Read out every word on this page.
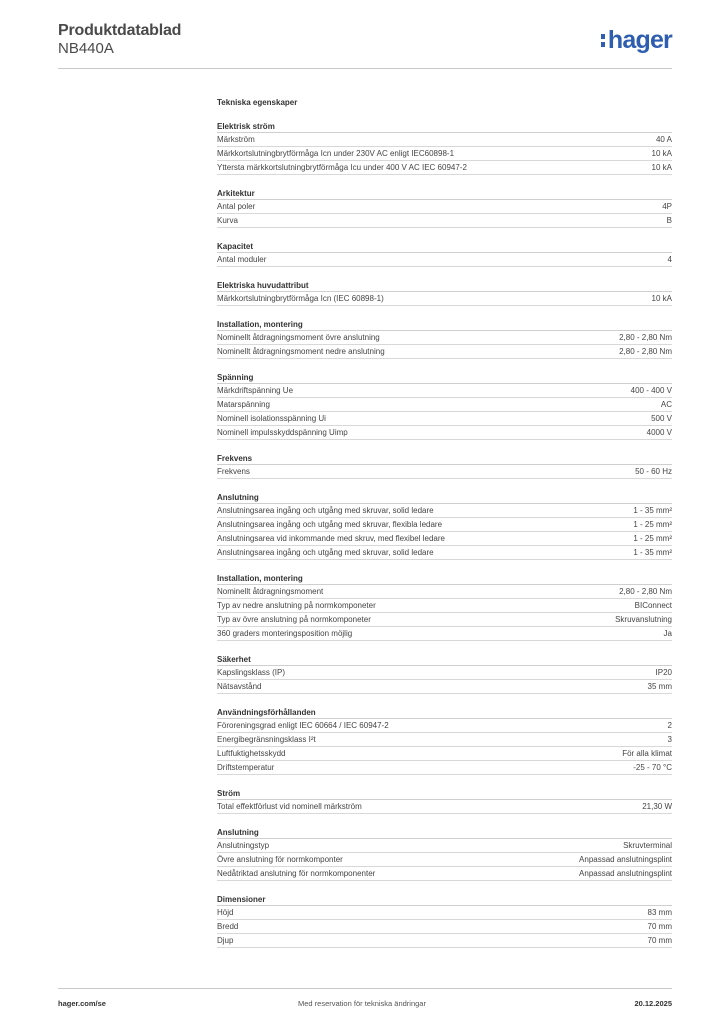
Produktdatablad
NB440A	hager
Tekniska egenskaper
Elektrisk ström
Märkström	40 A
Märkkortslutningbrytförmåga Icn under 230V AC enligt IEC60898-1	10 kA
Yttersta märkkortslutningbrytförmåga Icu under 400 V AC IEC 60947-2	10 kA
Arkitektur
Antal poler	4P
Kurva	B
Kapacitet
Antal moduler	4
Elektriska huvudattribut
Märkkortslutningbrytförmåga Icn (IEC 60898-1)	10 kA
Installation, montering
Nominellt åtdragningsmoment övre anslutning	2,80 - 2,80 Nm
Nominellt åtdragningsmoment nedre anslutning	2,80 - 2,80 Nm
Spänning
Märkdriftspänning Ue	400 - 400 V
Matarspänning	AC
Nominell isolationsspänning Ui	500 V
Nominell impulsskyddspänning Uimp	4000 V
Frekvens
Frekvens	50 - 60 Hz
Anslutning
Anslutningsarea ingång och utgång med skruvar, solid ledare	1 - 35 mm²
Anslutningsarea ingång och utgång med skruvar, flexibla ledare	1 - 25 mm²
Anslutningsarea vid inkommande med skruv, med flexibel ledare	1 - 25 mm²
Anslutningsarea ingång och utgång med skruvar, solid ledare	1 - 35 mm²
Installation, montering
Nominellt åtdragningsmoment	2,80 - 2,80 Nm
Typ av nedre anslutning på normkomponeter	BIConnect
Typ av övre anslutning på normkomponeter	Skruvanslutning
360 graders monteringsposition möjlig	Ja
Säkerhet
Kapslingsklass (IP)	IP20
Nätsavstånd	35 mm
Användningsförhållanden
Föroreningsgrad enligt IEC 60664 / IEC 60947-2	2
Energibegränsningsklass I²t	3
Luftfuktighetsskydd	För alla klimat
Driftstemperatur	-25 - 70 °C
Ström
Total effektförlust vid nominell märkström	21,30 W
Anslutning
Anslutningstyp	Skruvterminal
Övre anslutning för normkomponter	Anpassad anslutningsplint
Nedåtriktad anslutning för normkomponenter	Anpassad anslutningsplint
Dimensioner
Höjd	83 mm
Bredd	70 mm
Djup	70 mm
hager.com/se	Med reservation för tekniska ändringar	20.12.2025
